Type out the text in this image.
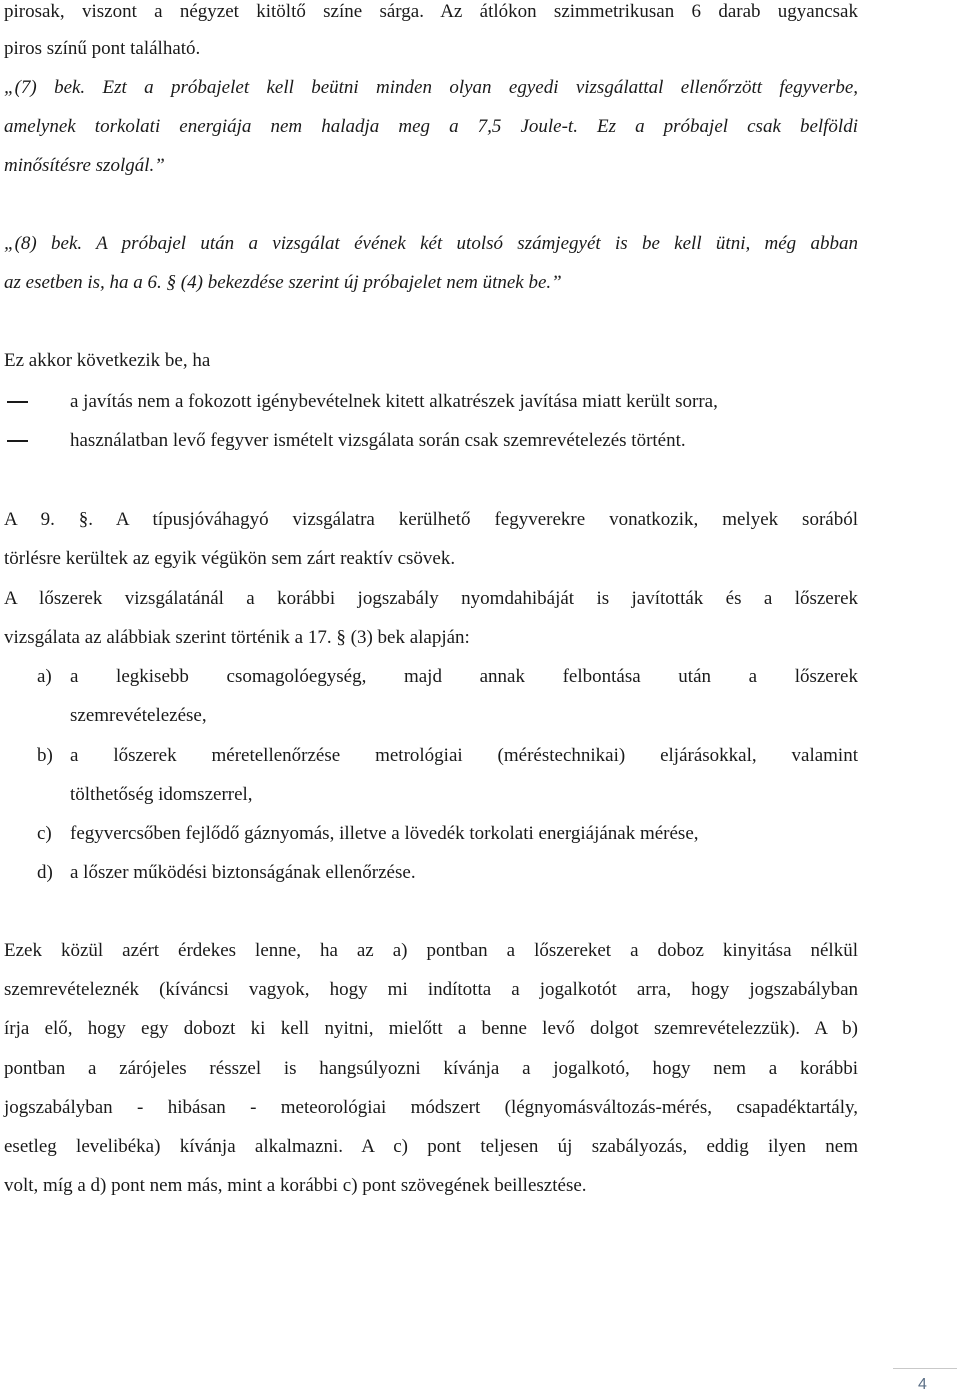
pirosak, viszont a négyzet kitöltő színe sárga. Az átlókon szimmetrikusan 6 darab ugyancsak
piros színű pont található.
„(7) bek. Ezt a próbajelet kell beütni minden olyan egyedi vizsgálattal ellenőrzött fegyverbe,
amelynek torkolati energiája nem haladja meg a 7,5 Joule-t. Ez a próbajel csak belföldi
minősítésre szolgál.”
„(8) bek. A próbajel után a vizsgálat évének két utolsó számjegyét is be kell ütni, még abban
az esetben is, ha a 6. § (4) bekezdése szerint új próbajelet nem ütnek be.”
Ez akkor következik be, ha
a javítás nem a fokozott igénybevételnek kitett alkatrészek javítása miatt került sorra,
használatban levő fegyver ismételt vizsgálata során csak szemrevételezés történt.
A 9. §. A típusjóváhagyó vizsgálatra kerülhető fegyverekre vonatkozik, melyek sorából
törlésre kerültek az egyik végükön sem zárt reaktív csövek.
A lőszerek vizsgálatánál a korábbi jogszabály nyomdahibáját is javították és a lőszerek
vizsgálata az alábbiak szerint történik a 17. § (3) bek alapján:
a) a legkisebb csomagolóegység, majd annak felbontása után a lőszerek
szemrevételezése,
b) a lőszerek méretellenőrzése metrológiai (méréstechnikai) eljárásokkal, valamint
tölthetőség idomszerrel,
c) fegyvercsőben fejlődő gáznyomás, illetve a lövedék torkolati energiájának mérése,
d) a lőszer működési biztonságának ellenőrzése.
Ezek közül azért érdekes lenne, ha az a) pontban a lőszereket a doboz kinyitása nélkül
szemrevételeznék (kíváncsi vagyok, hogy mi indította a jogalkotót arra, hogy jogszabályban
írja elő, hogy egy dobozt ki kell nyitni, mielőtt a benne levő dolgot szemrevételezzük). A b)
pontban a zárójeles résszel is hangsúlyozni kívánja a jogalkotó, hogy nem a korábbi
jogszabályban - hibásan - meteorológiai módszert (légnyomásváltozás-mérés, csapadéktartály,
esetleg levelibéka) kívánja alkalmazni. A c) pont teljesen új szabályozás, eddig ilyen nem
volt, míg a d) pont nem más, mint a korábbi c) pont szövegének beillesztése.
4
